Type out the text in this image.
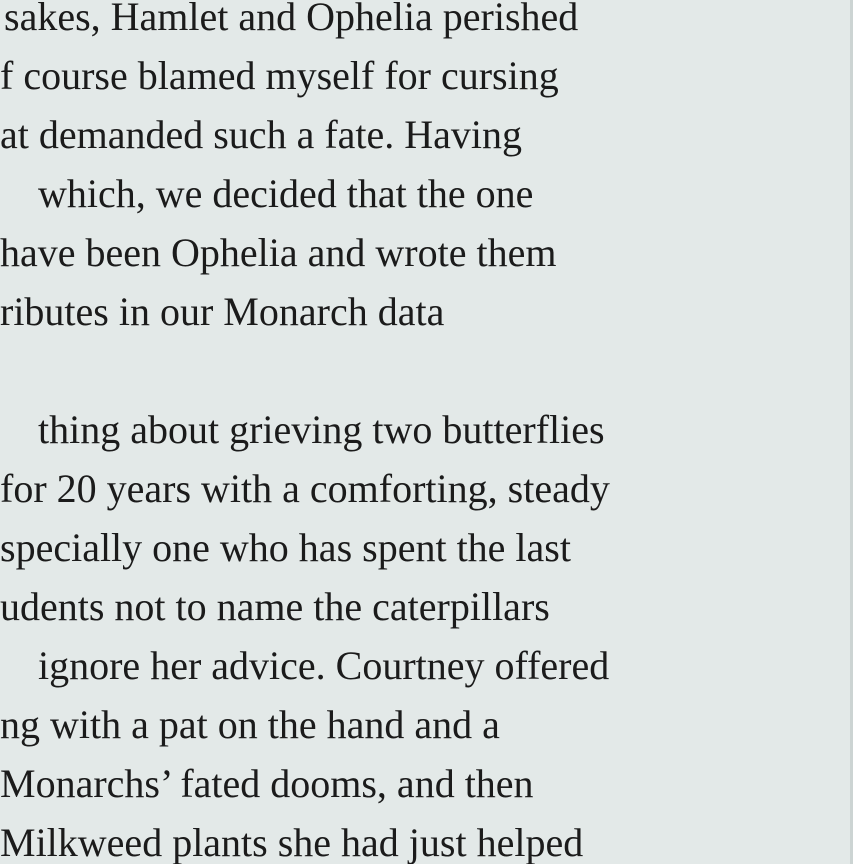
sakes, Hamlet and Ophelia perished
f course blamed myself for cursing
at demanded such a fate. Having
which, we decided that the one
have been Ophelia and wrote them
ributes in our Monarch data
thing about grieving two butterflies
for 20 years with a comforting, steady
specially one who has spent the last
udents not to name the caterpillars
ignore her advice. Courtney offered
ng with a pat on the hand and a
Monarchs’ fated dooms, and then
Milkweed plants she had just helped
